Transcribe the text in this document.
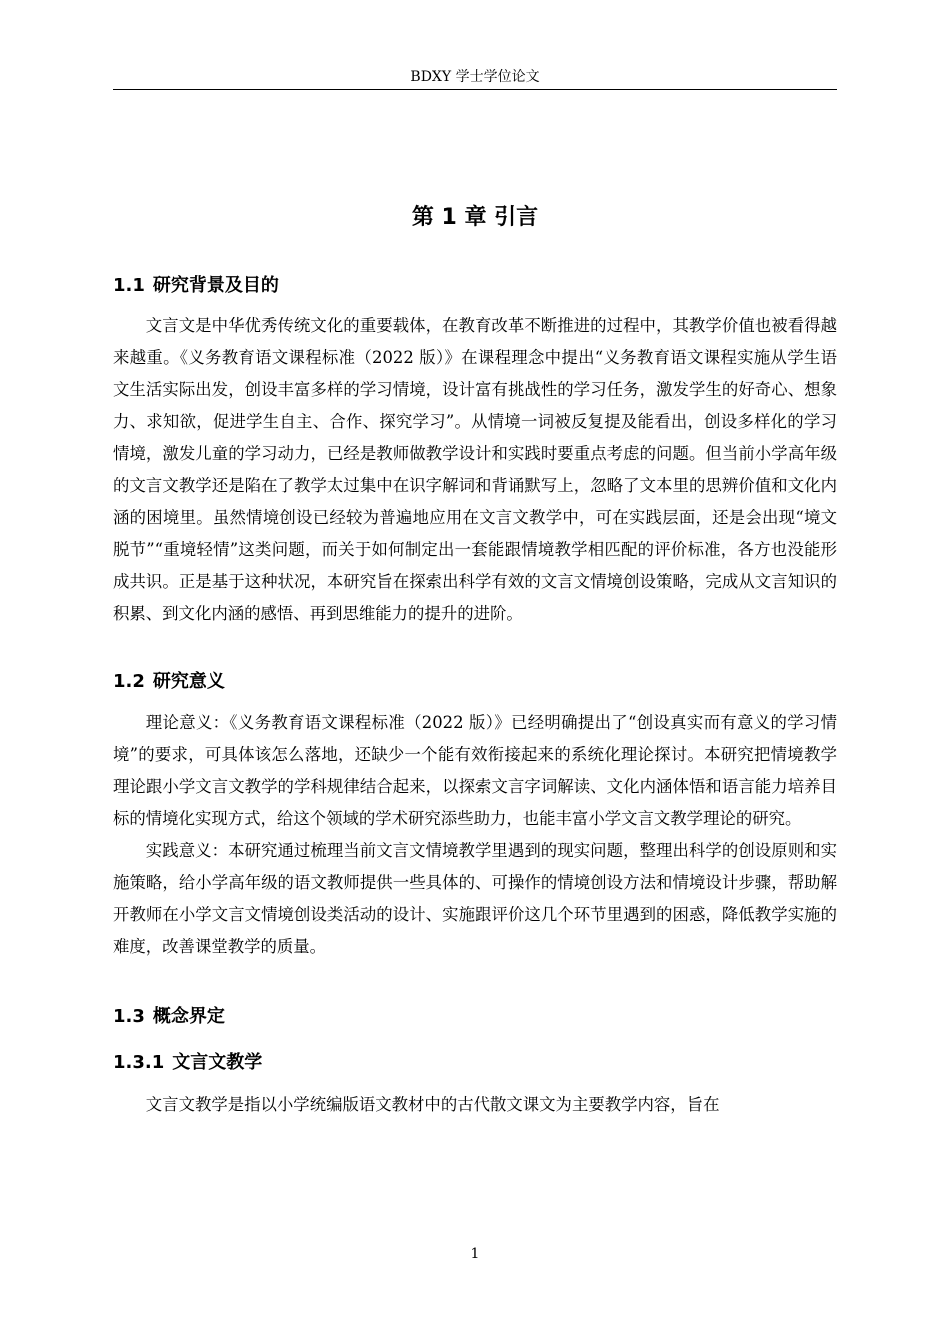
BDXY 学士学位论文
第 1 章 引言
1.1 研究背景及目的

文言文是中华优秀传统文化的重要载体，在教育改革不断推进的过程中，其教学价值也被看得越来越重。《义务教育语文课程标准（2022 版）》在课程理念中提出“义务教育语文课程实施从学生语文生活实际出发，创设丰富多样的学习情境，设计富有挑战性的学习任务，激发学生的好奇心、想象力、求知欲，促进学生自主、合作、探究学习”。从情境一词被反复提及能看出，创设多样化的学习情境，激发儿童的学习动力，已经是教师做教学设计和实践时要重点考虑的问题。但当前小学高年级的文言文教学还是陷在了教学太过集中在识字解词和背诵默写上，忽略了文本里的思辨价值和文化内涵的困境里。虽然情境创设已经较为普遍地应用在文言文教学中，可在实践层面，还是会出现“境文脱节”“重境轻情”这类问题，而关于如何制定出一套能跟情境教学相匹配的评价标准，各方也没能形成共识。正是基于这种状况，本研究旨在探索出科学有效的文言文情境创设策略，完成从文言知识的积累、到文化内涵的感悟、再到思维能力的提升的进阶。

1.2 研究意义

理论意义：《义务教育语文课程标准（2022 版）》已经明确提出了“创设真实而有意义的学习情境”的要求，可具体该怎么落地，还缺少一个能有效衔接起来的系统化理论探讨。本研究把情境教学理论跟小学文言文教学的学科规律结合起来，以探索文言字词解读、文化内涵体悟和语言能力培养目标的情境化实现方式，给这个领域的学术研究添些助力，也能丰富小学文言文教学理论的研究。

实践意义：本研究通过梳理当前文言文情境教学里遇到的现实问题，整理出科学的创设原则和实施策略，给小学高年级的语文教师提供一些具体的、可操作的情境创设方法和情境设计步骤，帮助解开教师在小学文言文情境创设类活动的设计、实施跟评价这几个环节里遇到的困惑，降低教学实施的难度，改善课堂教学的质量。

1.3 概念界定
1.3.1 文言文教学

文言文教学是指以小学统编版语文教材中的古代散文课文为主要教学内容，旨在

1
